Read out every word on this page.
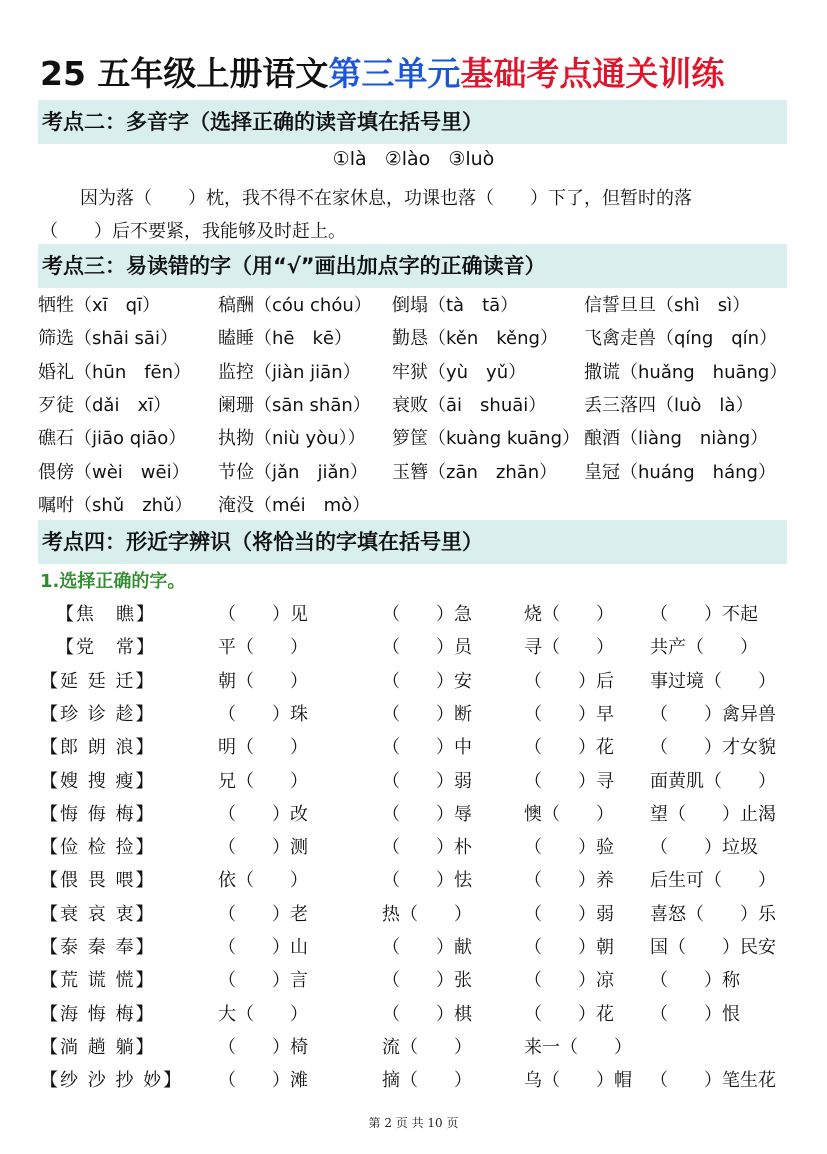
25 五年级上册语文第三单元基础考点通关训练
考点二：多音字（选择正确的读音填在括号里）
①là ②lào ③luò
因为落（　　）枕，我不得不在家休息，功课也落（　　）下了，但暂时的落
（　　）后不要紧，我能够及时赶上。
考点三：易读错的字（用“√”画出加点字的正确读音）
牺牲（xī　qī）	稿酬（cóu chóu） 倒塌（tà　tā）	信誓旦旦（shì　sì）
筛选（shāi sāi） 瞌睡（hē　kē） 勤恳（kěn　kěng） 飞禽走兽（qíng　qín）
婚礼（hūn　fēn） 监控（jiàn jiān） 牢狱（yù　yǔ）	撒谎（huǎng　huāng）
歹徒（dǎi　xī）	阑珊（sān shān） 衰败（āi　shuāi） 丢三落四（luò　là）
礁石（jiāo qiāo） 执拗（niù yòu）） 箩筐（kuàng kuāng） 酿酒（liàng　niàng）
偎傍（wèi　wēi） 节俭（jǎn　jiǎn） 玉簪（zān　zhān） 皇冠（huáng　háng）
嘱咐（shǔ　zhǔ） 淹没（méi　mò）
考点四：形近字辨识（将恰当的字填在括号里）
1.选择正确的字。
【焦　瞧】	（　　）见	（　　）急	烧（　　） （　　）不起
【党　常】	平（　　）	（　　）员	寻（　　） 共产（　　）
【延 廷 迁】	朝（　　）	（　　）安	（　　）后 事过境（　　）
【珍 诊 趁】	（　　）珠	（　　）断	（　　）早 （　　）禽异兽
【郎 朗 浪】	明（　　）	（　　）中	（　　）花 （　　）才女貌
【嫂 搜 瘦】	兄（　　）	（　　）弱	（　　）寻 面黄肌（　　）
【悔 侮 梅】	（　　）改	（　　）辱	懊（　　） 望（　　）止渴
【俭 检 捡】	（　　）测	（　　）朴	（　　）验 （　　）垃圾
【偎 畏 喂】	依（　　）	（　　）怯	（　　）养 后生可（　　）
【衰 哀 衷】	（　　）老	热（　　）	（　　）弱 喜怒（　　）乐
【泰 秦 奉】	（　　）山	（　　）献	（　　）朝 国（　　）民安
【荒 谎 慌】	（　　）言	（　　）张	（　　）凉 （　　）称
【海 悔 梅】	大（　　）	（　　）棋	（　　）花 （　　）恨
【淌 趟 躺】	（　　）椅	流（　　）	来一（　　）
【纱 沙 抄 妙】 （　　）滩	摘（　　）	乌（　　）帽 （　　）笔生花
第 2 页 共 10 页
